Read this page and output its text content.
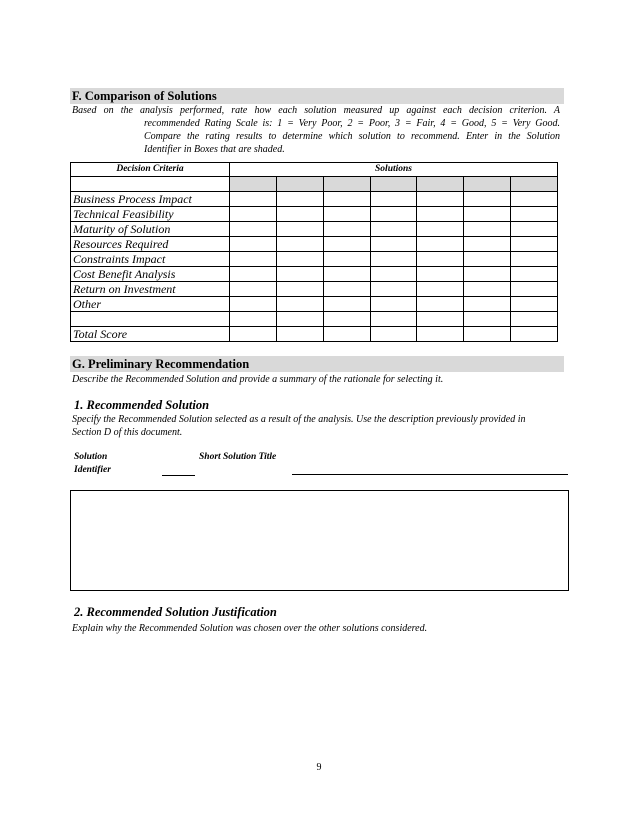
F. Comparison of Solutions
Based on the analysis performed, rate how each solution measured up against each decision criterion. A
recommended Rating Scale is: 1 = Very Poor, 2 = Poor, 3 = Fair, 4 = Good, 5 = Very Good.
Compare the rating results to determine which solution to recommend. Enter in the Solution
Identifier in Boxes that are shaded.
Decision Criteria	Solutions						

Business Process Impact							
Technical Feasibility							
Maturity of Solution							
Resources Required							
Constraints Impact							
Cost Benefit Analysis							
Return on Investment							
Other							

Total Score							
G. Preliminary Recommendation
Describe the Recommended Solution and provide a summary of the rationale for selecting it.
1. Recommended Solution
Specify the Recommended Solution selected as a result of the analysis. Use the description previously provided in
Section D of this document.
Solution
Identifier
Short Solution Title
2. Recommended Solution Justification
Explain why the Recommended Solution was chosen over the other solutions considered.
9
